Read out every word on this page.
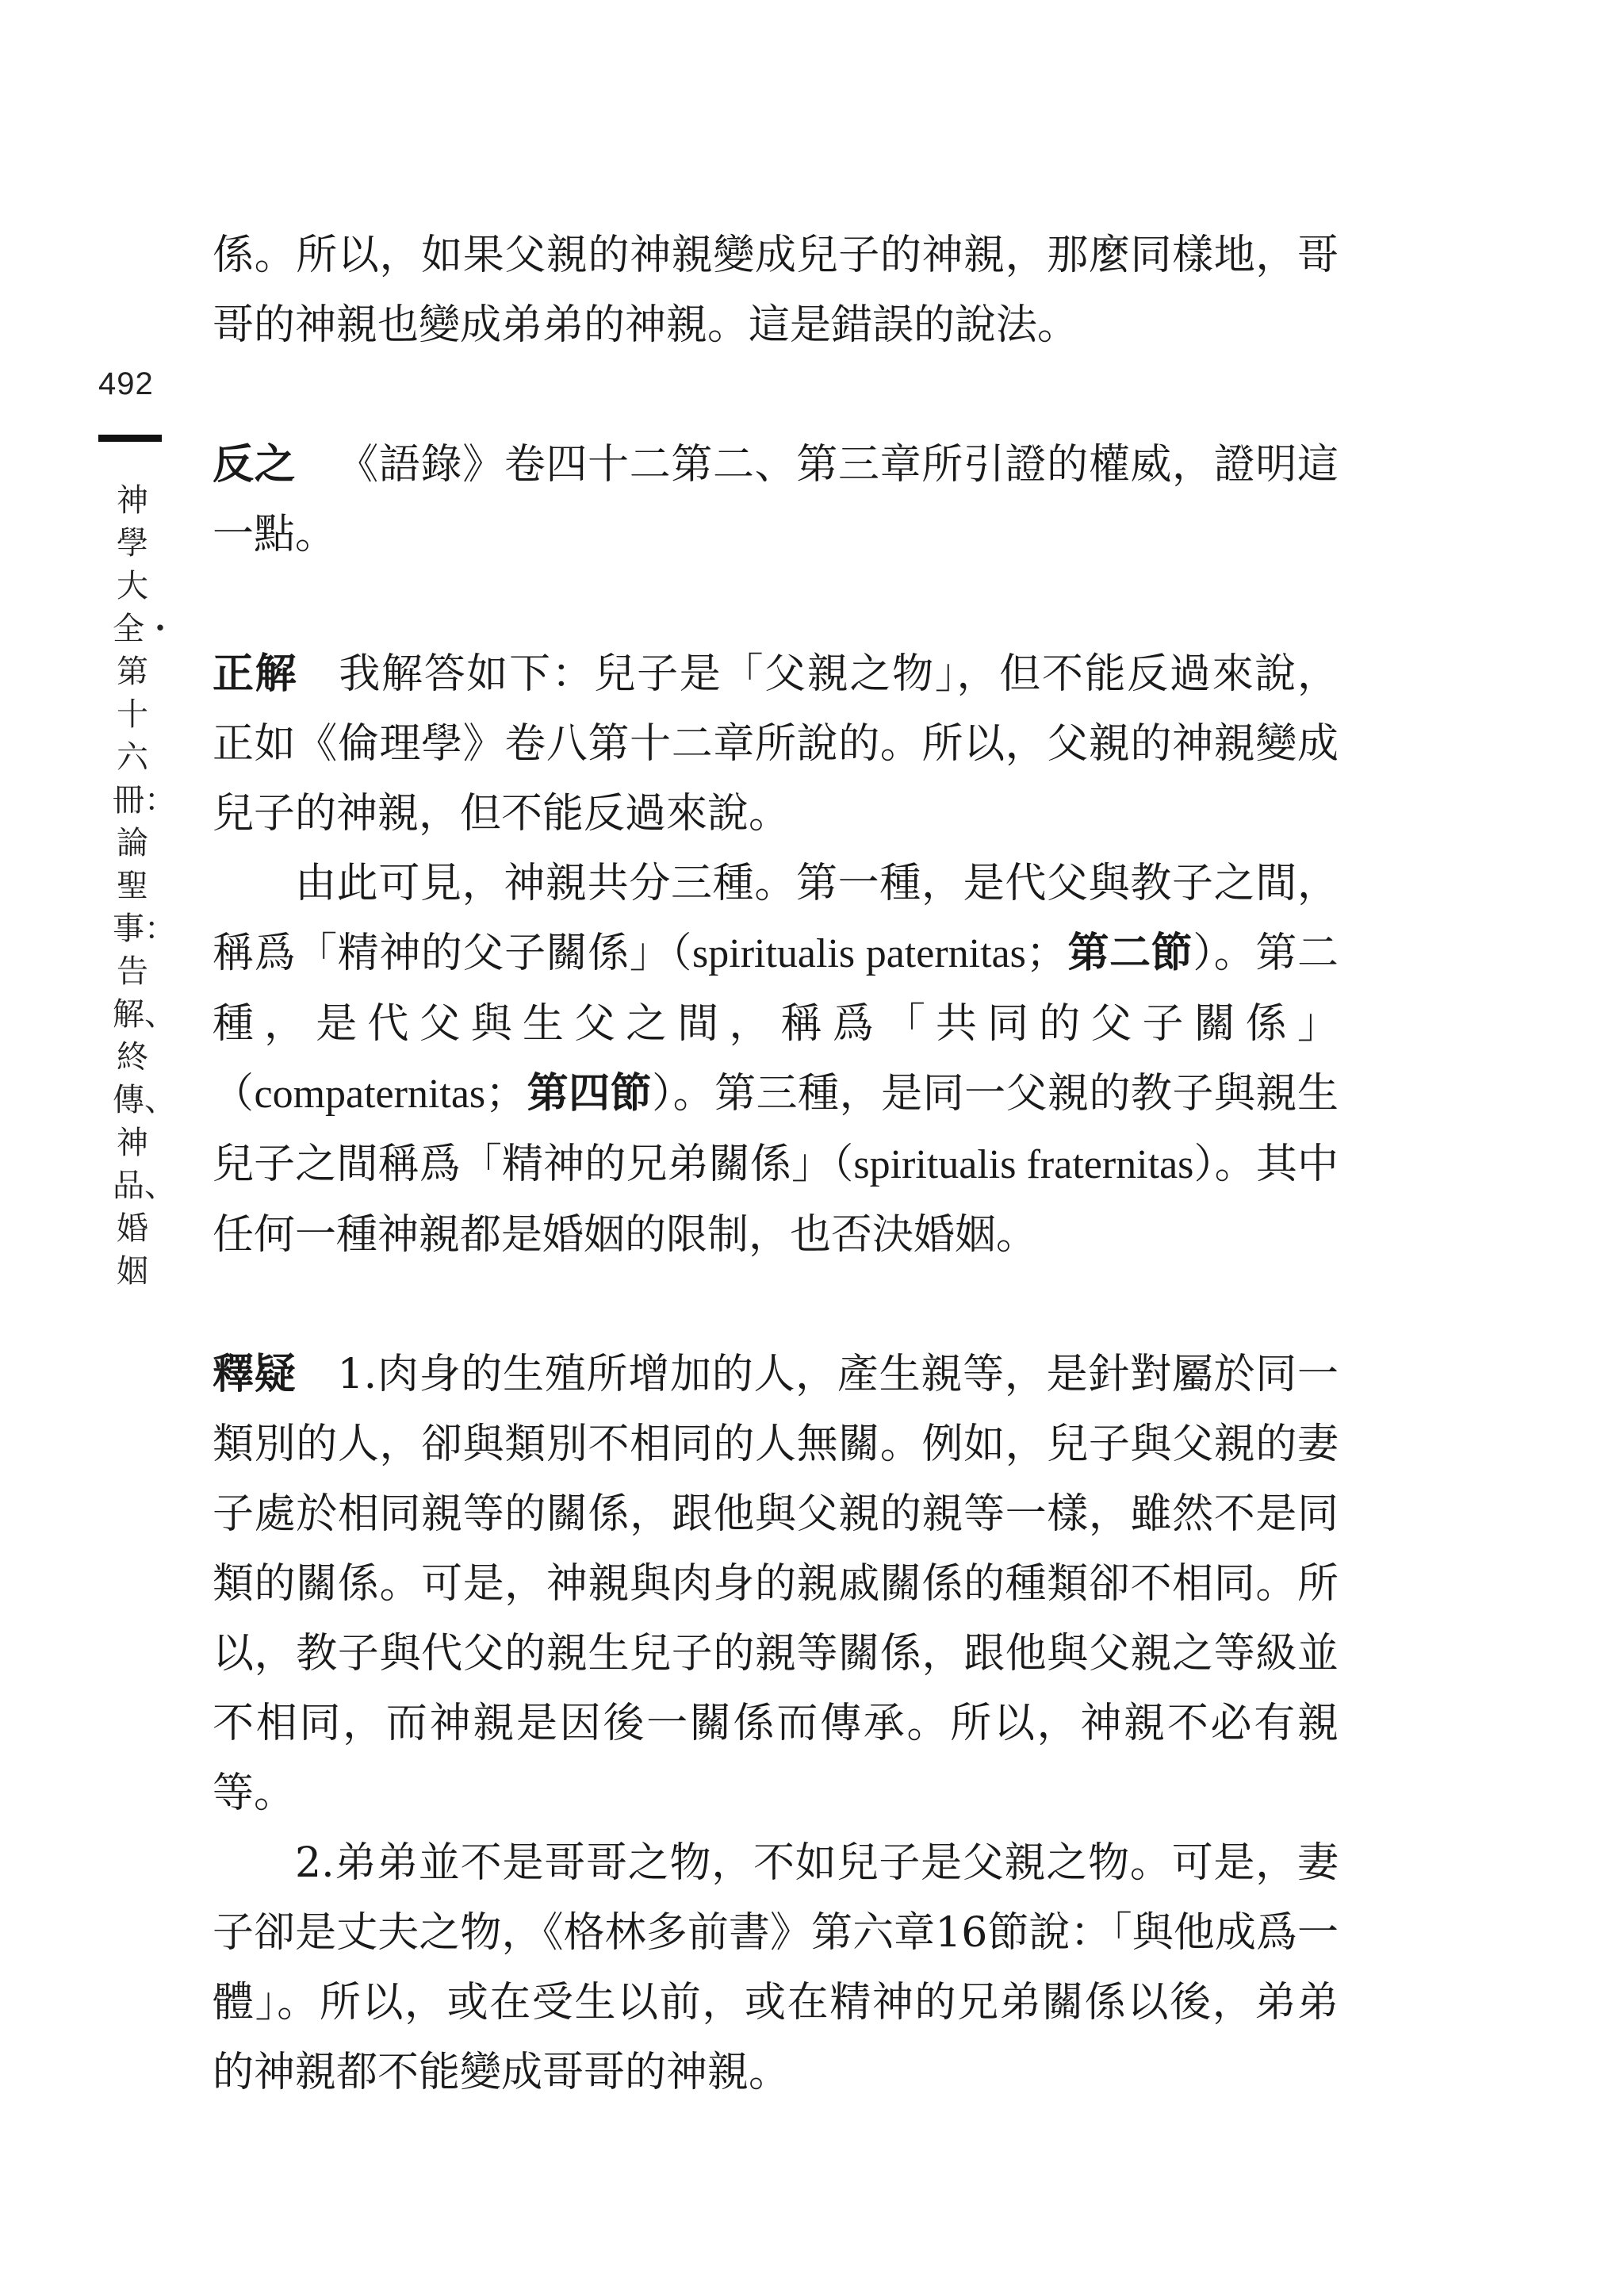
492
神學大全・第十六冊：論聖事：告解、終傳、神品、婚姻

係。所以，如果父親的神親變成兒子的神親，那麼同樣地，哥哥的神親也變成弟弟的神親。這是錯誤的說法。

反之 《語錄》卷四十二第二、第三章所引證的權威，證明這一點。

正解 我解答如下：兒子是「父親之物」，但不能反過來說，正如《倫理學》卷八第十二章所說的。所以，父親的神親變成兒子的神親，但不能反過來說。

由此可見，神親共分三種。第一種，是代父與教子之間，稱爲「精神的父子關係」（spiritualis paternitas；第二節）。第二種，是代父與生父之間，稱爲「共同的父子關係」（compaternitas；第四節）。第三種，是同一父親的教子與親生兒子之間稱爲「精神的兄弟關係」（spiritualis fraternitas）。其中任何一種神親都是婚姻的限制，也否決婚姻。

釋疑 1.肉身的生殖所增加的人，產生親等，是針對屬於同一類別的人，卻與類別不相同的人無關。例如，兒子與父親的妻子處於相同親等的關係，跟他與父親的親等一樣，雖然不是同類的關係。可是，神親與肉身的親戚關係的種類卻不相同。所以，教子與代父的親生兒子的親等關係，跟他與父親之等級並不相同，而神親是因後一關係而傳承。所以，神親不必有親等。

2.弟弟並不是哥哥之物，不如兒子是父親之物。可是，妻子卻是丈夫之物，《格林多前書》第六章16節說：「與他成爲一體」。所以，或在受生以前，或在精神的兄弟關係以後，弟弟的神親都不能變成哥哥的神親。
